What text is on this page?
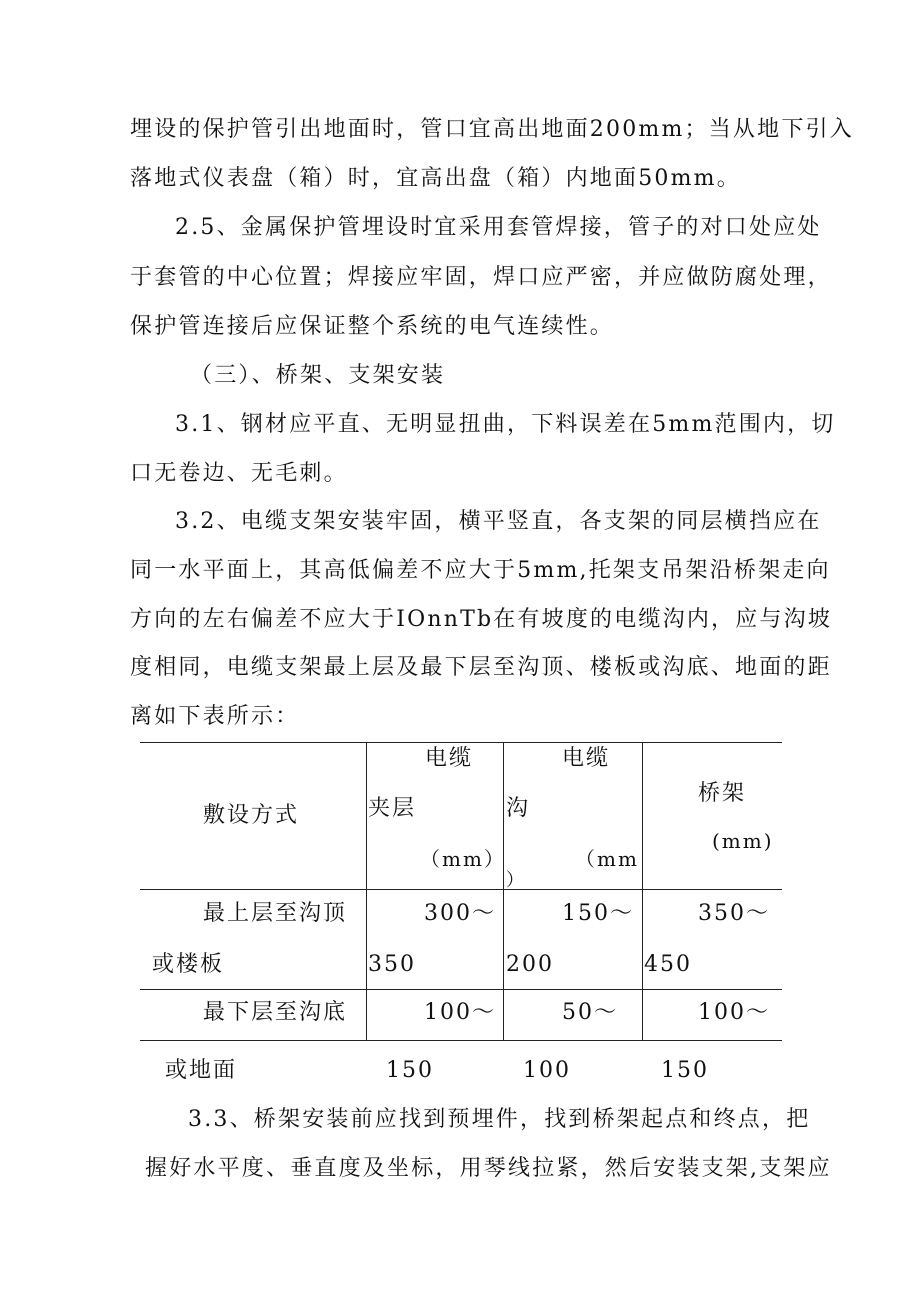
埋设的保护管引出地面时，管口宜高出地面200mm；当从地下引入
落地式仪表盘（箱）时，宜高出盘（箱）内地面50mm。
2.5、金属保护管埋设时宜采用套管焊接，管子的对口处应处
于套管的中心位置；焊接应牢固，焊口应严密，并应做防腐处理，
保护管连接后应保证整个系统的电气连续性。
（三）、桥架、支架安装
3.1、钢材应平直、无明显扭曲，下料误差在5mm范围内，切
口无卷边、无毛刺。
3.2、电缆支架安装牢固，横平竖直，各支架的同层横挡应在
同一水平面上，其高低偏差不应大于5mm,托架支吊架沿桥架走向
方向的左右偏差不应大于IOnnTb在有坡度的电缆沟内，应与沟坡
度相同，电缆支架最上层及最下层至沟顶、楼板或沟底、地面的距
离如下表所示：
敷设方式
电缆
夹层
（mm）
电缆
沟
（mm
）
桥架
(mm)
最上层至沟顶
或楼板
300～
350
150～
200
350～
450
最下层至沟底
或地面
100～
150
50～
100
100～
150
3.3、桥架安装前应找到预埋件，找到桥架起点和终点，把
握好水平度、垂直度及坐标，用琴线拉紧，然后安装支架,支架应
